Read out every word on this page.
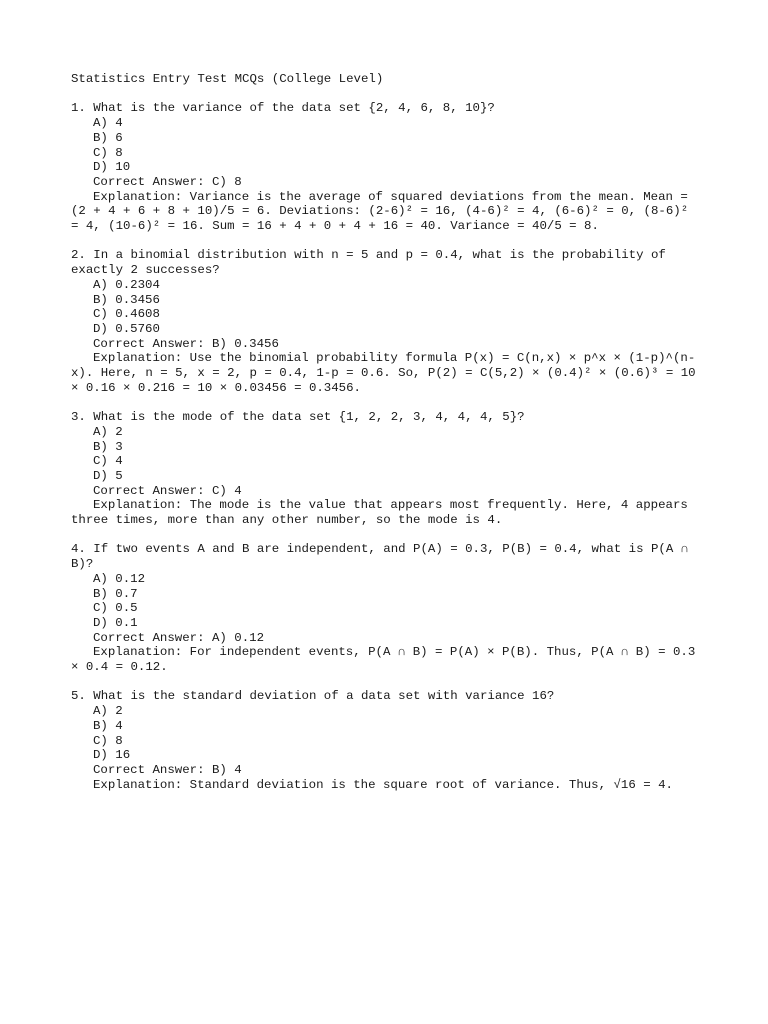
Statistics Entry Test MCQs (College Level)
1. What is the variance of the data set {2, 4, 6, 8, 10}?
A) 4
B) 6
C) 8
D) 10
Correct Answer: C) 8
Explanation: Variance is the average of squared deviations from the mean. Mean = (2 + 4 + 6 + 8 + 10)/5 = 6. Deviations: (2-6)² = 16, (4-6)² = 4, (6-6)² = 0, (8-6)² = 4, (10-6)² = 16. Sum = 16 + 4 + 0 + 4 + 16 = 40. Variance = 40/5 = 8.
2. In a binomial distribution with n = 5 and p = 0.4, what is the probability of exactly 2 successes?
A) 0.2304
B) 0.3456
C) 0.4608
D) 0.5760
Correct Answer: B) 0.3456
Explanation: Use the binomial probability formula P(x) = C(n,x) × p^x × (1-p)^(n-x). Here, n = 5, x = 2, p = 0.4, 1-p = 0.6. So, P(2) = C(5,2) × (0.4)² × (0.6)³ = 10 × 0.16 × 0.216 = 10 × 0.03456 = 0.3456.
3. What is the mode of the data set {1, 2, 2, 3, 4, 4, 4, 5}?
A) 2
B) 3
C) 4
D) 5
Correct Answer: C) 4
Explanation: The mode is the value that appears most frequently. Here, 4 appears three times, more than any other number, so the mode is 4.
4. If two events A and B are independent, and P(A) = 0.3, P(B) = 0.4, what is P(A ∩ B)?
A) 0.12
B) 0.7
C) 0.5
D) 0.1
Correct Answer: A) 0.12
Explanation: For independent events, P(A ∩ B) = P(A) × P(B). Thus, P(A ∩ B) = 0.3 × 0.4 = 0.12.
5. What is the standard deviation of a data set with variance 16?
A) 2
B) 4
C) 8
D) 16
Correct Answer: B) 4
Explanation: Standard deviation is the square root of variance. Thus, √16 = 4.
